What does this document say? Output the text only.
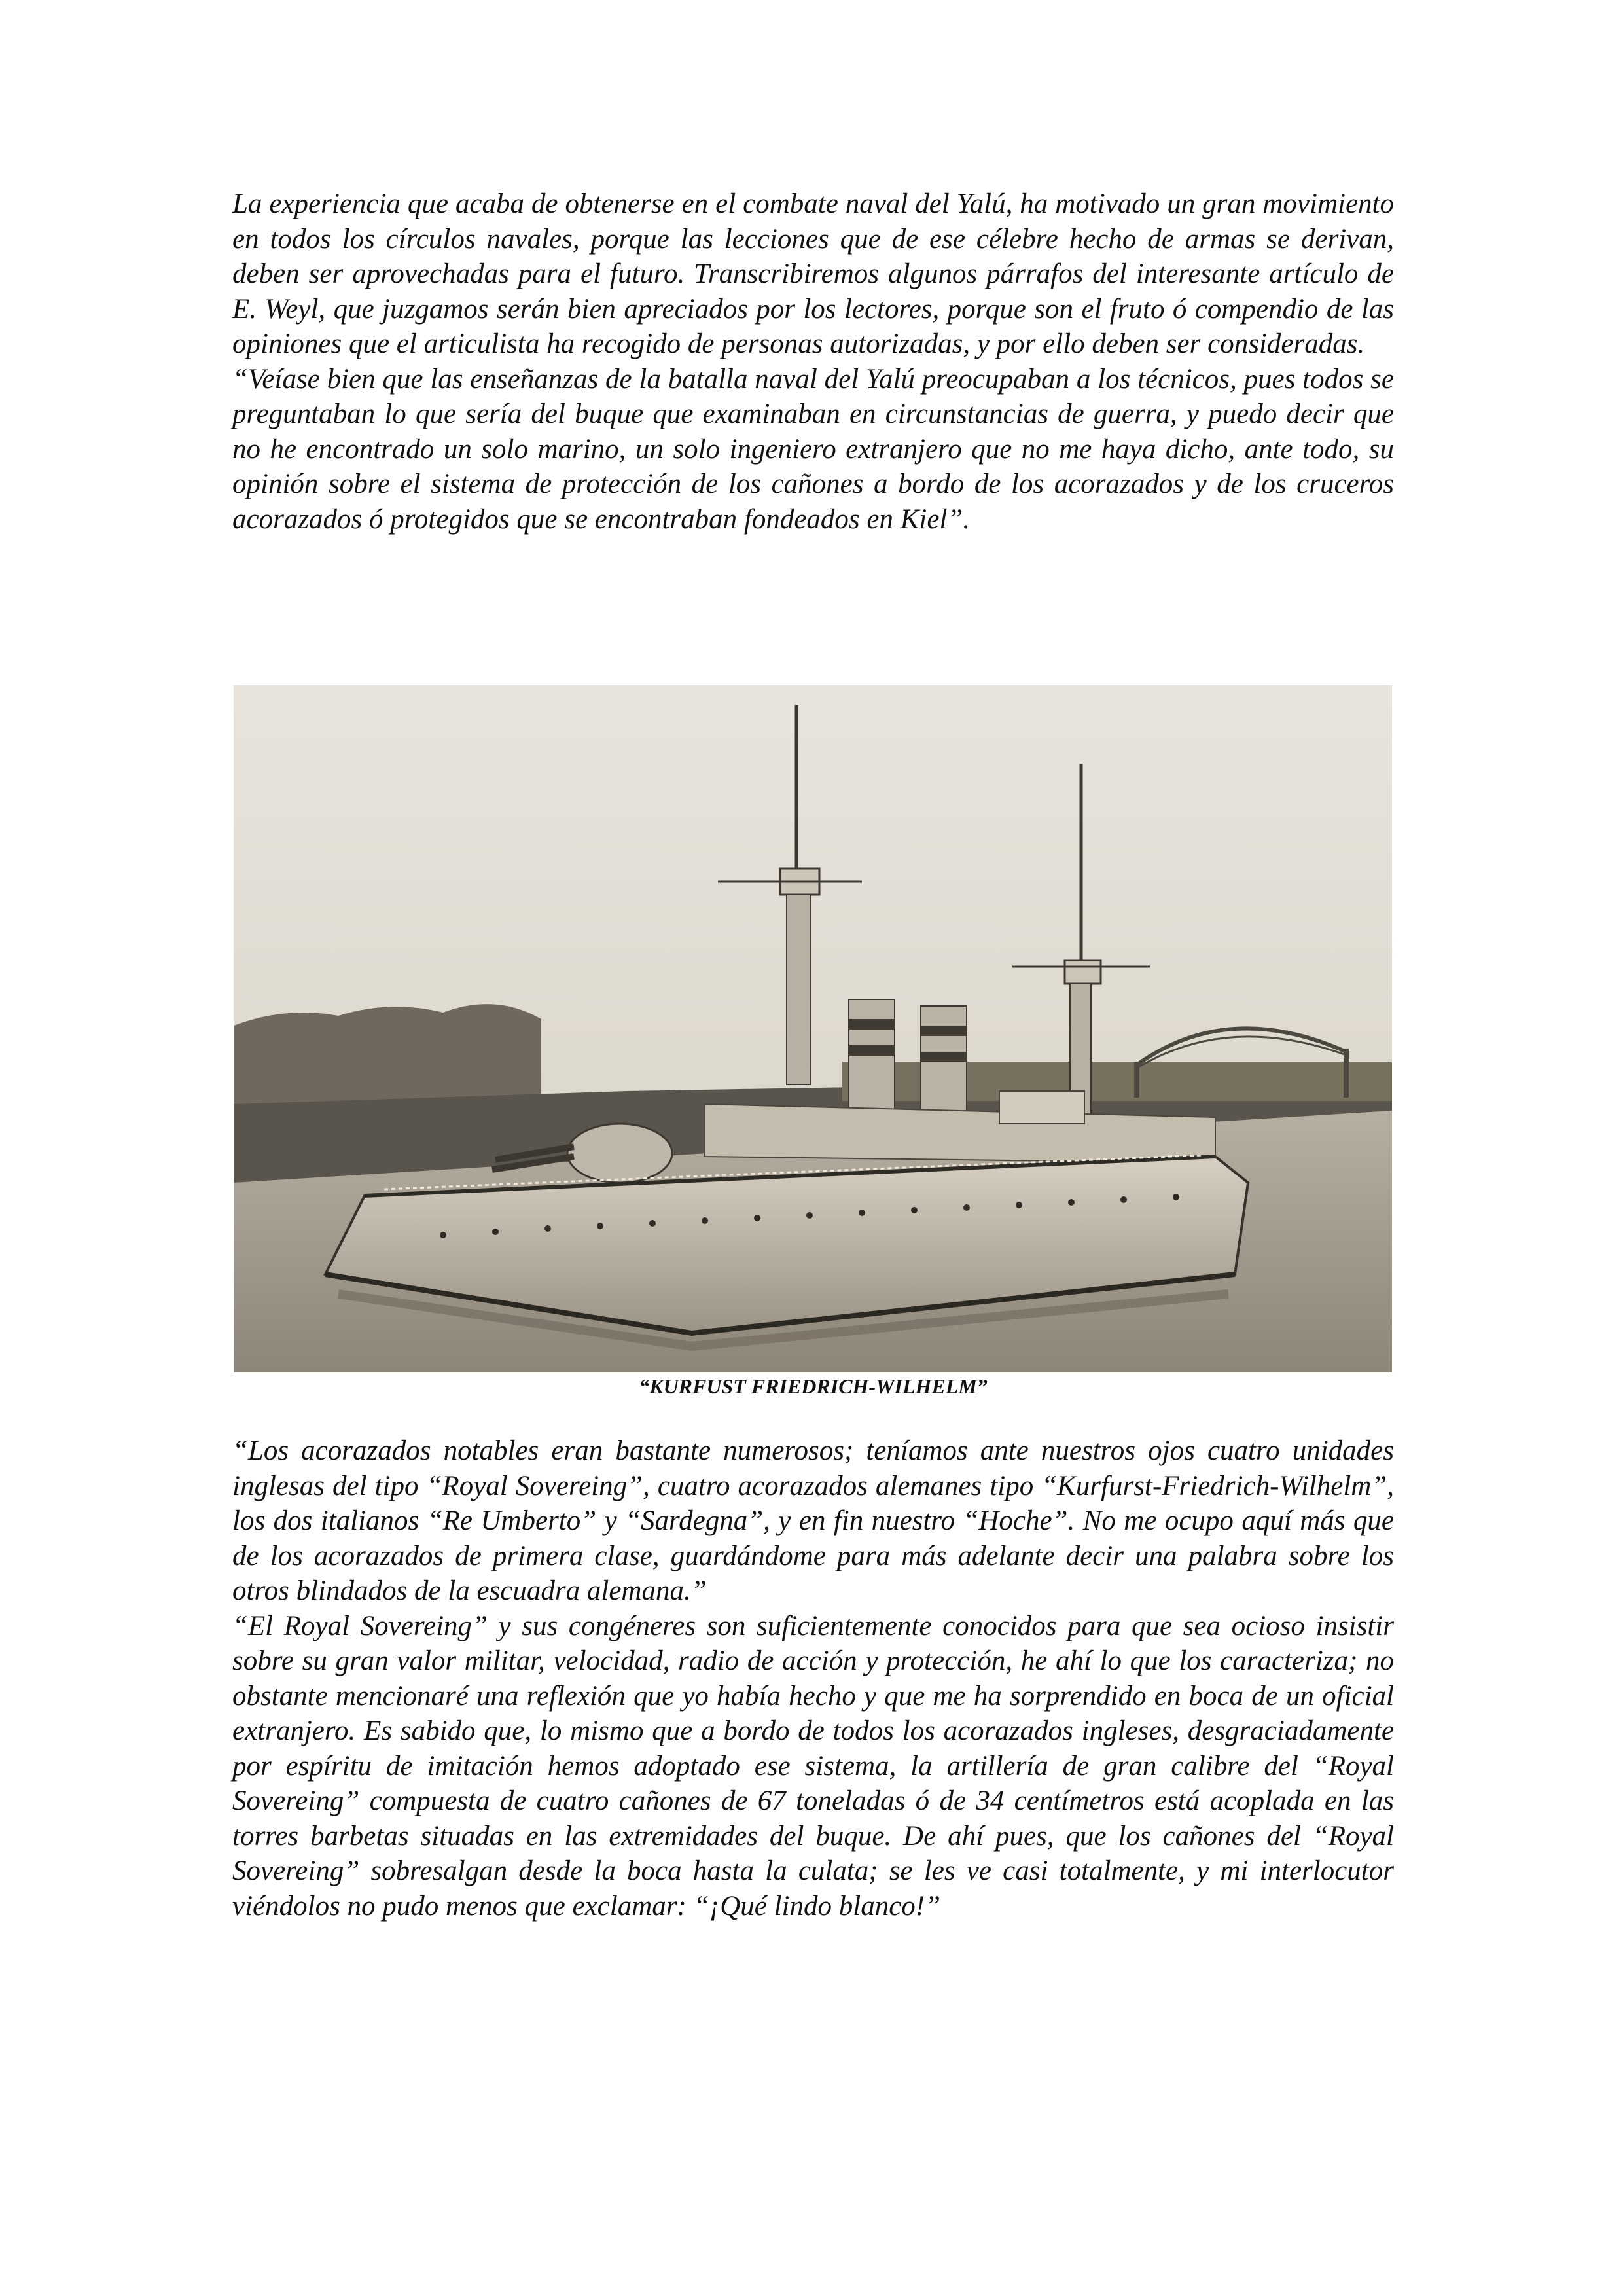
La experiencia que acaba de obtenerse en el combate naval del Yalú, ha motivado un gran movimiento en todos los círculos navales, porque las lecciones que de ese célebre hecho de armas se derivan, deben ser aprovechadas para el futuro. Transcribiremos algunos párrafos del interesante artículo de E. Weyl, que juzgamos serán bien apreciados por los lectores, porque son el fruto ó compendio de las opiniones que el articulista ha recogido de personas autorizadas, y por ello deben ser consideradas.

“Veíase bien que las enseñanzas de la batalla naval del Yalú preocupaban a los técnicos, pues todos se preguntaban lo que sería del buque que examinaban en circunstancias de guerra, y puedo decir que no he encontrado un solo marino, un solo ingeniero extranjero que no me haya dicho, ante todo, su opinión sobre el sistema de protección de los cañones a bordo de los acorazados y de los cruceros acorazados ó protegidos que se encontraban fondeados en Kiel”.

“KURFUST FRIEDRICH-WILHELM”

“Los acorazados notables eran bastante numerosos; teníamos ante nuestros ojos cuatro unidades inglesas del tipo “Royal Sovereing”, cuatro acorazados alemanes tipo “Kurfurst-Friedrich-Wilhelm”, los dos italianos “Re Umberto” y “Sardegna”, y en fin nuestro “Hoche”. No me ocupo aquí más que de los acorazados de primera clase, guardándome para más adelante decir una palabra sobre los otros blindados de la escuadra alemana.”

“El Royal Sovereing” y sus congéneres son suficientemente conocidos para que sea ocioso insistir sobre su gran valor militar, velocidad, radio de acción y protección, he ahí lo que los caracteriza; no obstante mencionaré una reflexión que yo había hecho y que me ha sorprendido en boca de un oficial extranjero. Es sabido que, lo mismo que a bordo de todos los acorazados ingleses, desgraciadamente por espíritu de imitación hemos adoptado ese sistema, la artillería de gran calibre del “Royal Sovereing” compuesta de cuatro cañones de 67 toneladas ó de 34 centímetros está acoplada en las torres barbetas situadas en las extremidades del buque. De ahí pues, que los cañones del “Royal Sovereing” sobresalgan desde la boca hasta la culata; se les ve casi totalmente, y mi interlocutor viéndolos no pudo menos que exclamar: “¡Qué lindo blanco!”
